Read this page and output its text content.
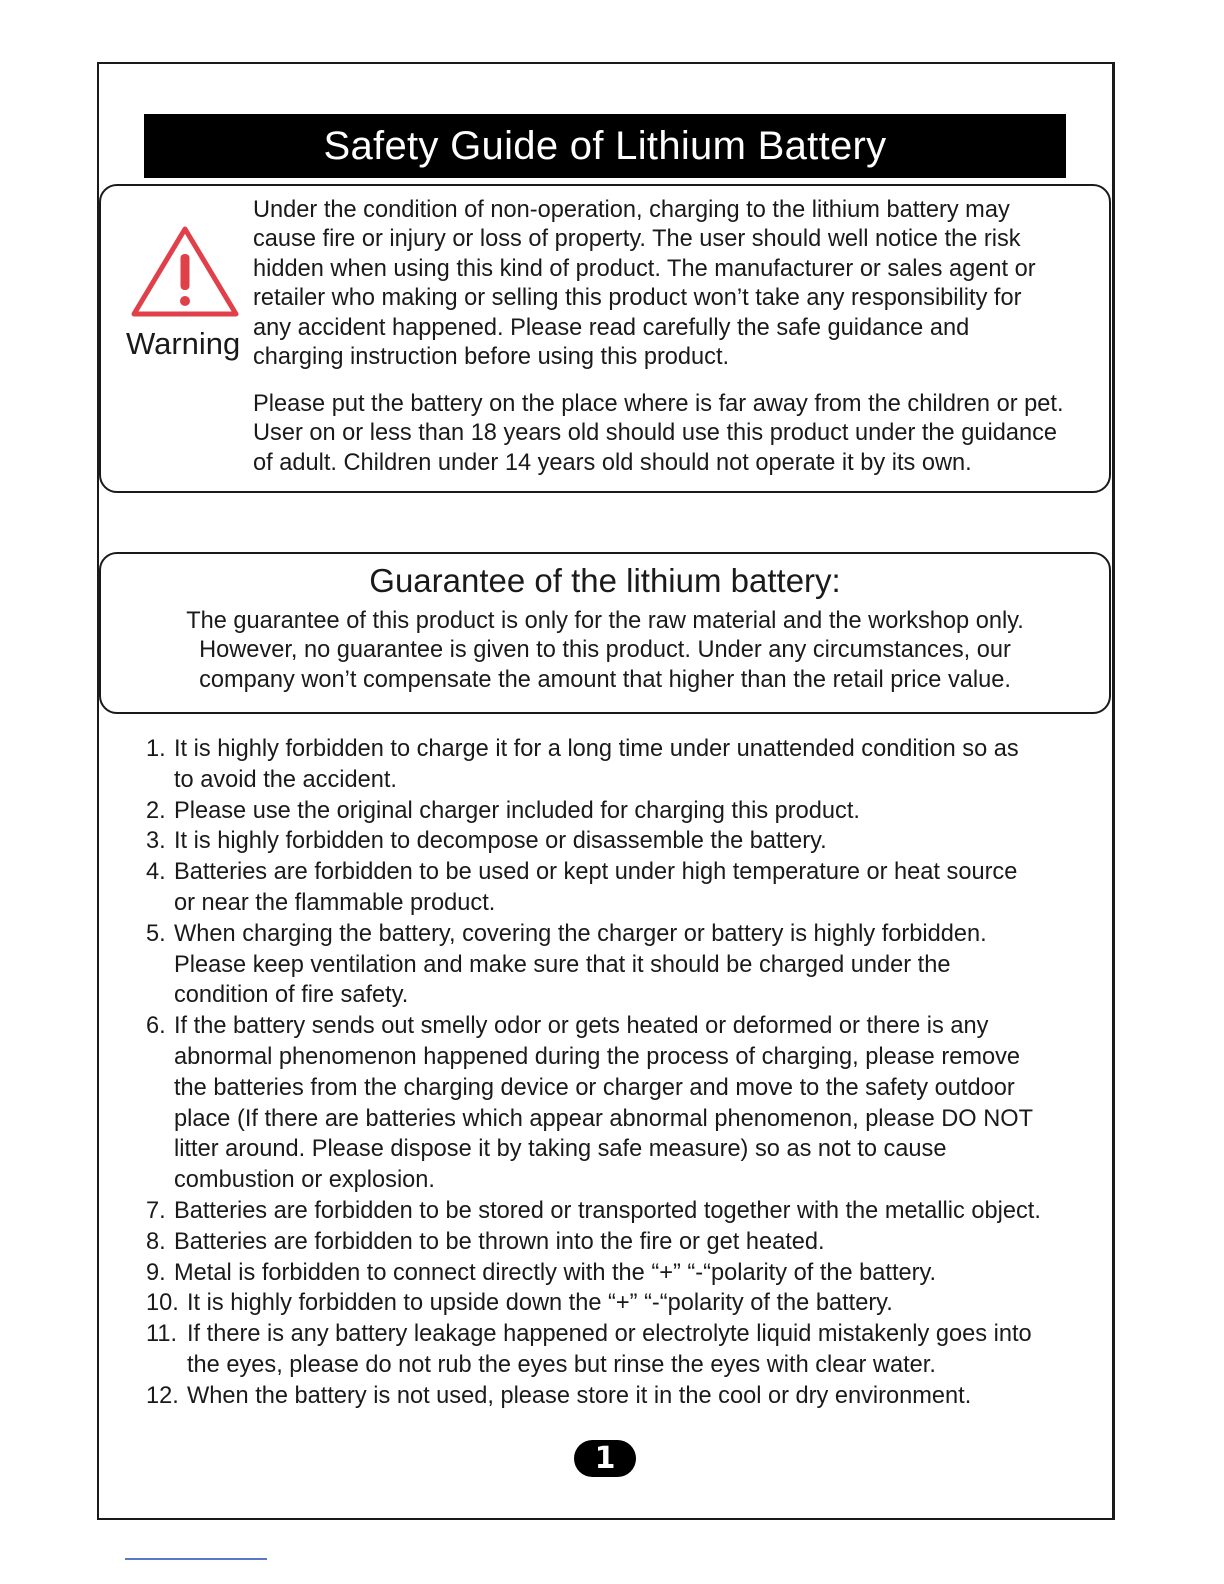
Safety Guide of Lithium Battery
Warning
Under the condition of non-operation, charging to the lithium battery may
cause fire or injury or loss of property. The user should well notice the risk
hidden when using this kind of product. The manufacturer or sales agent or
retailer who making or selling this product won’t take any responsibility for
any accident happened. Please read carefully the safe guidance and
charging instruction before using this product.
Please put the battery on the place where is far away from the children or pet.
User on or less than 18 years old should use this product under the guidance
of adult. Children under 14 years old should not operate it by its own.
Guarantee of the lithium battery:
The guarantee of this product is only for the raw material and the workshop only.
However, no guarantee is given to this product. Under any circumstances, our
company won’t compensate the amount that higher than the retail price value.
1. It is highly forbidden to charge it for a long time under unattended condition so as
to avoid the accident.
2. Please use the original charger included for charging this product.
3. It is highly forbidden to decompose or disassemble the battery.
4. Batteries are forbidden to be used or kept under high temperature or heat source
or near the flammable product.
5. When charging the battery, covering the charger or battery is highly forbidden.
Please keep ventilation and make sure that it should be charged under the
condition of fire safety.
6. If the battery sends out smelly odor or gets heated or deformed or there is any
abnormal phenomenon happened during the process of charging, please remove
the batteries from the charging device or charger and move to the safety outdoor
place (If there are batteries which appear abnormal phenomenon, please DO NOT
litter around. Please dispose it by taking safe measure) so as not to cause
combustion or explosion.
7. Batteries are forbidden to be stored or transported together with the metallic object.
8. Batteries are forbidden to be thrown into the fire or get heated.
9. Metal is forbidden to connect directly with the “+” “-“polarity of the battery.
10. It is highly forbidden to upside down the “+” “-“polarity of the battery.
11. If there is any battery leakage happened or electrolyte liquid mistakenly goes into
the eyes, please do not rub the eyes but rinse the eyes with clear water.
12. When the battery is not used, please store it in the cool or dry environment.
1
